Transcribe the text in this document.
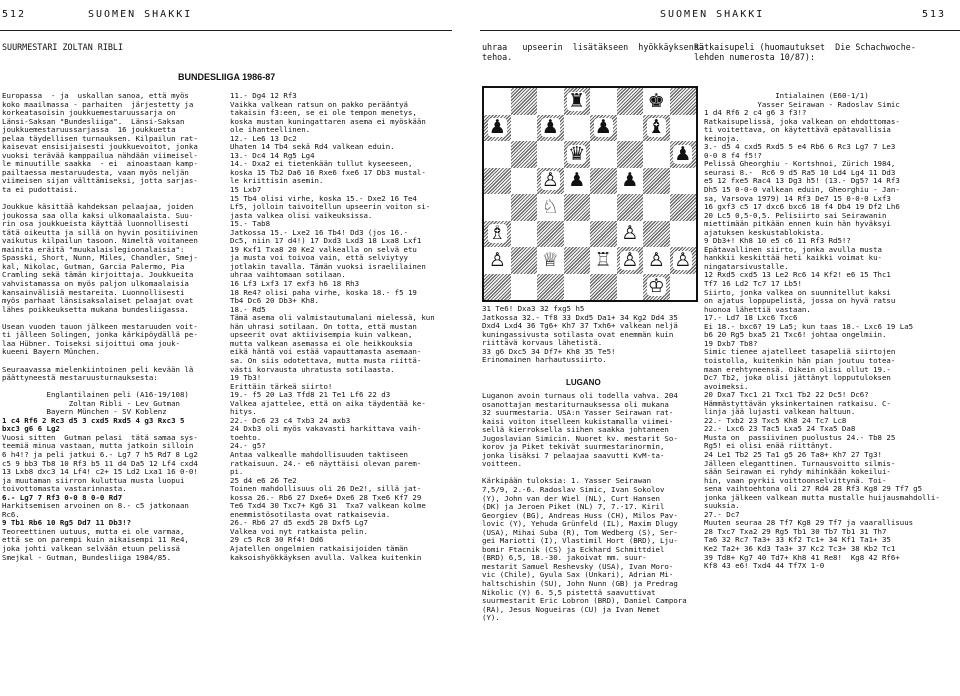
512	SUOMEN SHAKKI	SUOMEN SHAKKI	513
SUURMESTARI ZOLTAN RIBLI	uhraa   upseerin  lisätäkseen  hyökkäyksensä
tehoa.
Ratkaisupeli (huomautukset  Die Schachwoche-
lehden numerosta 10/87):
BUNDESLIIGA 1986-87
Europassa  - ja  uskallan sanoa, että myös
koko maailmassa - parhaiten  järjestetty ja
korkeatasoisin joukkuemestaruussarja on
Länsi-Saksan "Bundesliiga".  Länsi-Saksan
joukkuemestaruussarjassa  16 joukkuetta
pelaa täydellisen turnauksen. Kilpailun rat-
kaisevat ensisijaisesti joukkuevoitot, jonka
vuoksi terävää kamppailua nähdään viimeisel-
le minuutille saakka  - ei  ainoastaan kamp-
pailtaessa mestaruudesta, vaan myös neljän
viimeisen sijan välttämiseksi, jotta sarjas-
ta ei pudottaisi.

Joukkue käsittää kahdeksan pelaajaa, joiden
joukossa saa olla kaksi ulkomaalaista. Suu-
rin osa joukkueista käyttää luonnollisesti
tätä oikeutta ja sillä on hyvin positiivinen
vaikutus kilpailun tasoon. Nimeltä voitaneen
mainita eräitä "muukalaislegioonalaisia":
Spasski, Short, Nunn, Miles, Chandler, Smej-
kal, Nikolac, Gutman, Garcia Palermo, Pia
Cramling sekä tämän kirjoittaja. Joukkueita
vahvistamassa on myös paljon ulkomaalaisia
kansainvälisiä mestareita. Luonnollisesti
myös parhaat länsisaksalaiset pelaajat ovat
lähes poikkeuksetta mukana bundesliigassa.

Usean vuoden tauon jälkeen mestaruuden voit-
ti jälleen Solingen, jonka kärkipöydällä pe-
laa Hübner. Toiseksi sijoittui oma jouk-
kueeni Bayern München.

Seuraavassa mielenkiintoinen peli kevään lä
päättyneestä mestaruusturnauksesta:

Englantilainen peli (A16-19/108)
Zoltan Ribli - Lev Gutman
Bayern München - SV Koblenz
1 c4 Rf6 2 Rc3 d5 3 cxd5 Rxd5 4 g3 Rxc3 5
bxc3 g6 6 Lg2
Vuosi sitten  Gutman pelasi  tätä samaa sys-
teemiä minua vastaan, mutta jatkoin silloin
6 h4!? ja peli jatkui 6.- Lg7 7 h5 Rd7 8 Lg2
c5 9 bb3 Tb8 10 Rf3 b5 11 d4 Da5 12 Lf4 cxd4
13 Lxb8 dxc3 14 Lf4! c2+ 15 Ld2 Lxa1 16 0-0!
ja muutaman siirron kuluttua musta luopui
toivottomasta vastarinnasta.
6.- Lg7 7 Rf3 0-0 8 0-0 Rd7
Harkitsemisen arvoinen on 8.- c5 jatkonaan
Rc6.
9 Tb1 Rb6 10 Rg5 Dd7 11 Db3!?
Teoreettinen uutuus, mutta ei ole varmaa,
että se on parempi kuin aikaisempi 11 Re4,
joka johti valkean selvään etuun pelissä
Smejkal - Gutman, Bundesliiga 1984/85.
11.- Dg4 12 Rf3
Vaikka valkean ratsun on pakko perääntyä
takaisin f3:een, se ei ole tempon menetys,
koska mustan kuningattaren asema ei myöskään
ole ihanteellinen.
12.- Le6 13 Dc2
Uhaten 14 Tb4 sekä Rd4 valkean eduin.
13.- Dc4 14 Rg5 Lg4
14.- Dxa2 ei tietenkään tullut kyseeseen,
koska 15 Tb2 Da6 16 Rxe6 fxe6 17 Db3 mustal-
le kriittisin asemin.
15 Lxb7
15 Tb4 olisi virhe, koska 15.- Dxe2 16 Te4
Lf5, jolloin taivoitellun upseerin voiton si-
jasta valkea olisi vaikeuksissa.
15.- Tab8
Jatkossa 15.- Lxe2 16 Tb4! Dd3 (jos 16.-
Dc5, niin 17 d4!) 17 Dxd3 Lxd3 18 Lxa8 Lxf1
19 Kxf1 Txa8 20 Ke2 valkealla on selvä etu
ja musta voi toivoa vain, että selviytyy
jotlakin tavalla. Tämän vuoksi israelilainen
uhraa vaihtomaan sotilaan.
16 Lf3 Lxf3 17 exf3 h6 18 Rh3
18 Re4? olisi paha virhe, koska 18.- f5 19
Tb4 Dc6 20 Db3+ Kh8.
18.- Rd5
Tämä asema oli valmistautumalani mielessä, kun
hän uhrasi sotilaan. On totta, että mustan
upseerit ovat aktiivisempia kuin valkean,
mutta valkean asemassa ei ole heikkouksia
eikä häntä voi estää vapauttamasta asemaan-
sa. On siis odotettava, mutta musta riittä-
västi korvausta uhratusta sotilaasta.
19 Tb3!
Erittäin tärkeä siirto!
19.- f5 20 La3 Tfd8 21 Te1 Lf6 22 d3
Valkea ajattelee, että on aika täydentää ke-
hitys.
22.- Dc6 23 c4 Txb3 24 axb3
24 Dxb3 oli myös vakavasti harkittava vaih-
toehto.
24.- g5?
Antaa valkealle mahdollisuuden taktiseen
ratkaisuun. 24.- e6 näyttäisi olevan parem-
pi.
25 d4 e6 26 Te2
Toinen mahdollisuus oli 26 De2!, sillä jat-
kossa 26.- Rb6 27 Dxe6+ Dxe6 28 Txe6 Kf7 29
Te6 Txd4 30 Txc7+ Kg6 31  Txa7 valkean kolme
enemmistösotilasta ovat ratkaisevia.
26.- Rb6 27 d5 exd5 28 Dxf5 Lg7
Valkea voi nyt ratkaista pelin.
29 c5 Rc8 30 Rf4! Dd6
Ajatellen ongelmien ratkaisijoiden tämän
kaksoishyökkäyksen avulla. Valkea kuitenkin
♜	♚
♟ ♟ ♟ ♝
♛	♟
♙ ♟ ♟
♘
♗	♙
♙ ♕ ♖ ♙ ♙ ♙
♔
31 Te6! Dxa3 32 fxg5 h5
Jatkossa 32.- Tf8 33 Dxd5 Da1+ 34 Kg2 Dd4 35
Dxd4 Lxd4 36 Tg6+ Kh7 37 Txh6+ valkean neljä
kuningassivusta sotilasta ovat enemmän kuin
riittävä korvaus lähetistä.
33 g6 Dxc5 34 Df7+ Kh8 35 Te5!
Erinomainen harhautussiirto.

LUGANO
Luganon avoin turnaus oli todella vahva. 204
osanottajan mestariturnauksessa oli mukana
32 suurmestaria. USA:n Yasser Seirawan rat-
kaisi voiton itselleen kukistamalla viimei-
sellä kierroksella siihen saakka johtaneen
Jugoslavian Simicin. Nuoret kv. mestarit So-
korov ja Piket tekivät suurmestarinormin,
jonka lisäksi 7 pelaajaa saavutti KvM-ta-
voitteen.

Kärkipään tuloksia: 1. Yasser Seirawan
7,5/9, 2.-6. Radoslav Simic, Ivan Sokolov
(Y), John van der Wiel (NL), Curt Hansen
(DK) ja Jeroen Piket (NL) 7, 7.-17. Kiril
Georgiev (BG), Andreas Huss (CH), Milos Pav-
lovic (Y), Yehuda Grünfeld (IL), Maxim Dlugy
(USA), Mihai Suba (R), Tom Wedberg (S), Ser-
gei Mariotti (I), Vlastimil Hort (BRD), Lju-
bomir Ftacnik (CS) ja Eckhard Schmittdiel
(BRD) 6,5, 18.-30. jakoivat mm. suur-
mestarit Samuel Reshevsky (USA), Ivan Moro-
vic (Chile), Gyula Sax (Unkari), Adrian Mi-
haltschishin (SU), John Nunn (GB) ja Predrag
Nikolic (Y) 6. 5,5 pistettä saavuttivat
suurmestarit Eric Lobron (BRD), Daniel Campora
(RA), Jesus Nogueiras (CU) ja Ivan Nemet
(Y).
Intialainen (E60-1/1)
Yasser Seirawan - Radoslav Simic
1 d4 Rf6 2 c4 g6 3 f3!?
Ratkaisupelissä, joka valkean on ehdottomas-
ti voitettava, on käytettävä epätavallisia
keinoja.
3.- d5 4 cxd5 Rxd5 5 e4 Rb6 6 Rc3 Lg7 7 Le3
0-0 8 f4 f5!?
Pelissä Gheorghiu - Kortshnoi, Zürich 1984,
seurasi 8.-  Rc6 9 d5 Ra5 10 Ld4 Lg4 11 Dd3
e5 12 fxe5 Rac4 13 Dg3 h5! (13.- Dg5? 14 Rf3
Dh5 15 0-0-0 valkean eduin, Gheorghiu - Jan-
sa, Varsova 1979) 14 Rf3 De7 15 0-0-0 Lxf3
16 gxf3 c5 17 dxc6 bxc6 18 f4 Db4 19 Df2 Lh6
20 Lc5 0,5-0,5. Pelisiirto sai Seirawanin
miettimään pitkään ennen kuin hän hyväksyi
ajatuksen keskustablokista.
9 Db3+! Kh8 10 e5 c6 11 Rf3 Rd5!?
Epätavallinen siirto, jonka avulla musta
hankkii keskittää heti kaikki voimat ku-
ningatarsivustalle.
12 Rxd5 cxd5 13 Le2 Rc6 14 Kf2! e6 15 Thc1
Tf7 16 Ld2 Tc7 17 Lb5!
Siirto, jonka valkea on suunnitellut kaksi
on ajatus loppupelistä, jossa on hyvä ratsu
huonoa lähettiä vastaan.
17.- Ld7 18 Lxc6 Txc6
Ei 18.- bxc6? 19 La5; kun taas 18.- Lxc6 19 La5
b6 20 Rg5 bxa5 21 Txc6! johtaa ongelmiin.
19 Dxb7 Tb8?
Simic tienee ajatelleet tasapeliä siirtojen
toistolla, kuitenkin hän pian joutuu totea-
maan erehtyneensä. Oikein olisi ollut 19.-
Dc7 Tb2, joka olisi jättänyt lopputuloksen
avoimeksi.
20 Dxa7 Txc1 21 Txc1 Tb2 22 Dc5! Dc6?
Hämmästyttävän yksinkertainen ratkaisu. C-
linja jää lujasti valkean haltuun.
22.- Txb2 23 Txc5 Kh8 24 Tc7 Lc8
22.- Lxc6 23 Tac5 Lxa5 24 Txa5 Da8
Musta on  passiivinen puolustus 24.- Tb8 25
Rg5! ei olisi enää riittänyt.
24 Le1 Tb2 25 Ta1 g5 26 Ta8+ Kh7 27 Tg3!
Jälleen eleganttinen. Turnausvoitto silmis-
sään Seirawan ei ryhdy mihinkään kokeilui-
hin, vaan pyrkii voittoonselvittynä. Toi-
sena vaihtoehtona oli 27 Rd4 28 Rf3 Kg8 29 Tf7 g5
jonka jälkeen valkean mutta mustalle huijausmahdolli-
suuksia.
27.- Dc7
Muuten seuraa 28 Tf7 Kg8 29 Tf7 ja vaarallisuus
28 Txc7 Txa2 29 Rg5 Tb1 30 Tb7 Tb1 31 Th7
Ta6 32 Rc7 Ta3+ 33 Kf2 Tc1+ 34 Kf1 Ta1+ 35
Ke2 Ta2+ 36 Kd3 Ta3+ 37 Kc2 Tc3+ 38 Kb2 Tc1
39 Td8+ Kg7 40 Td7+ Kh8 41 Re8!  Kg8 42 Rf6+
Kf8 43 e6! Txd4 44 Tf7X 1-0
